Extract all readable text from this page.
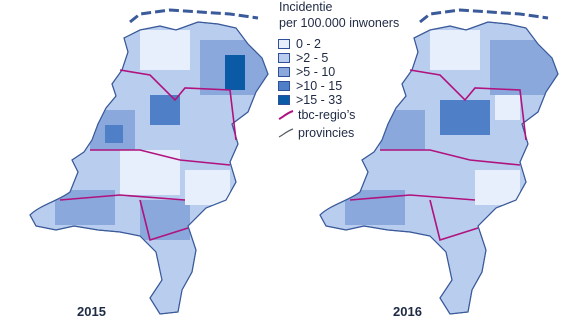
Incidentie
per 100.000 inwoners
0 - 2
>2 - 5
>5 - 10
>10 - 15
>15 - 33
tbc-regio’s
provincies
2015	2016
